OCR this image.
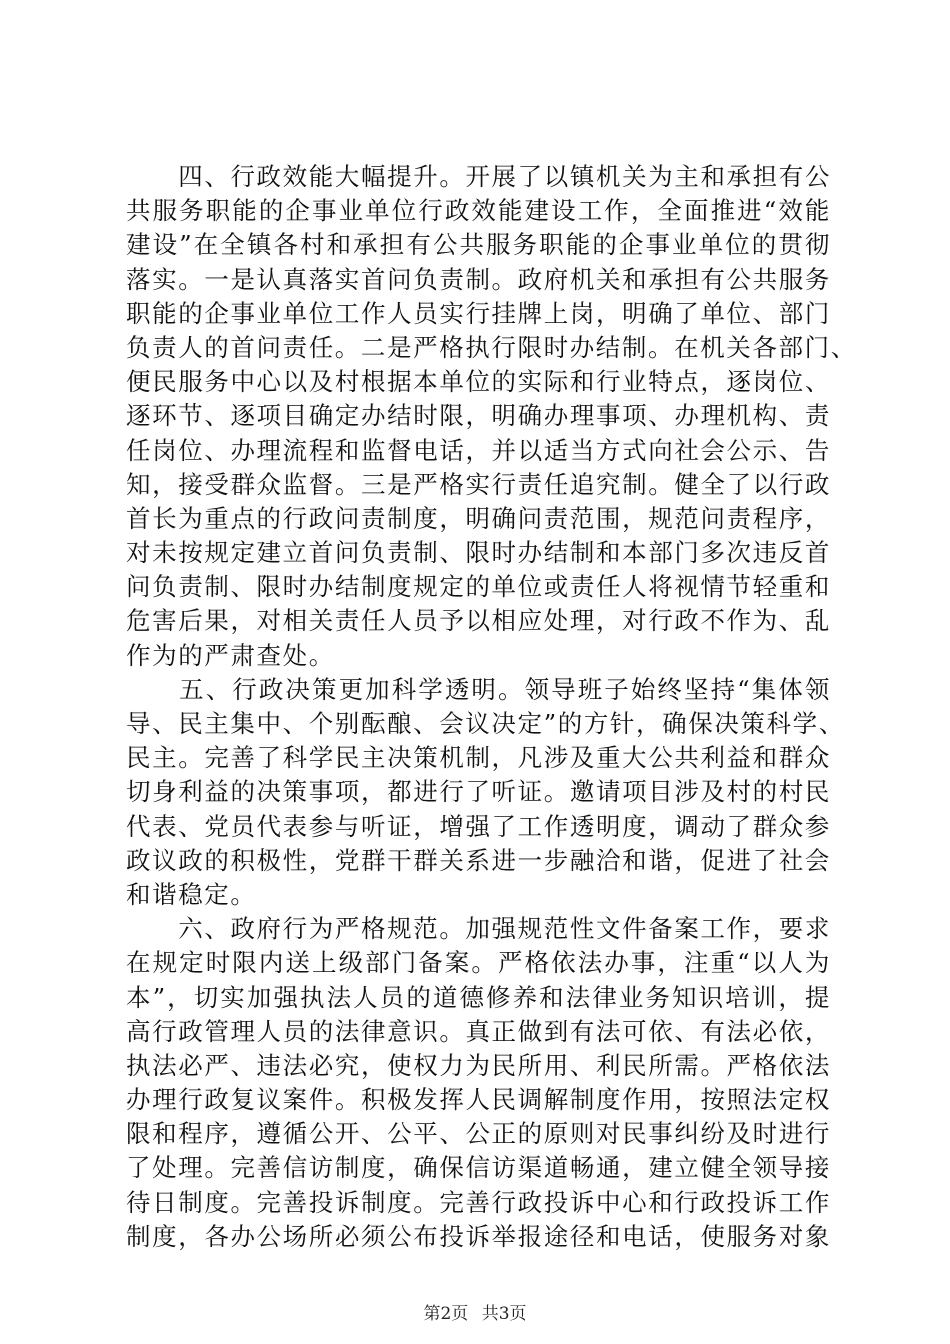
　　四、行政效能大幅提升。开展了以镇机关为主和承担有公
共服务职能的企事业单位行政效能建设工作，全面推进“效能
建设”在全镇各村和承担有公共服务职能的企事业单位的贯彻
落实。一是认真落实首问负责制。政府机关和承担有公共服务
职能的企事业单位工作人员实行挂牌上岗，明确了单位、部门
负责人的首问责任。二是严格执行限时办结制。在机关各部门、
便民服务中心以及村根据本单位的实际和行业特点，逐岗位、
逐环节、逐项目确定办结时限，明确办理事项、办理机构、责
任岗位、办理流程和监督电话，并以适当方式向社会公示、告
知，接受群众监督。三是严格实行责任追究制。健全了以行政
首长为重点的行政问责制度，明确问责范围，规范问责程序，
对未按规定建立首问负责制、限时办结制和本部门多次违反首
问负责制、限时办结制度规定的单位或责任人将视情节轻重和
危害后果，对相关责任人员予以相应处理，对行政不作为、乱
作为的严肃查处。
　　五、行政决策更加科学透明。领导班子始终坚持“集体领
导、民主集中、个别酝酿、会议决定”的方针，确保决策科学、
民主。完善了科学民主决策机制，凡涉及重大公共利益和群众
切身利益的决策事项，都进行了听证。邀请项目涉及村的村民
代表、党员代表参与听证，增强了工作透明度，调动了群众参
政议政的积极性，党群干群关系进一步融洽和谐，促进了社会
和谐稳定。
　　六、政府行为严格规范。加强规范性文件备案工作，要求
在规定时限内送上级部门备案。严格依法办事，注重“以人为
本”，切实加强执法人员的道德修养和法律业务知识培训，提
高行政管理人员的法律意识。真正做到有法可依、有法必依，
执法必严、违法必究，使权力为民所用、利民所需。严格依法
办理行政复议案件。积极发挥人民调解制度作用，按照法定权
限和程序，遵循公开、公平、公正的原则对民事纠纷及时进行
了处理。完善信访制度，确保信访渠道畅通，建立健全领导接
待日制度。完善投诉制度。完善行政投诉中心和行政投诉工作
制度，各办公场所必须公布投诉举报途径和电话，使服务对象
第2页 共3页
